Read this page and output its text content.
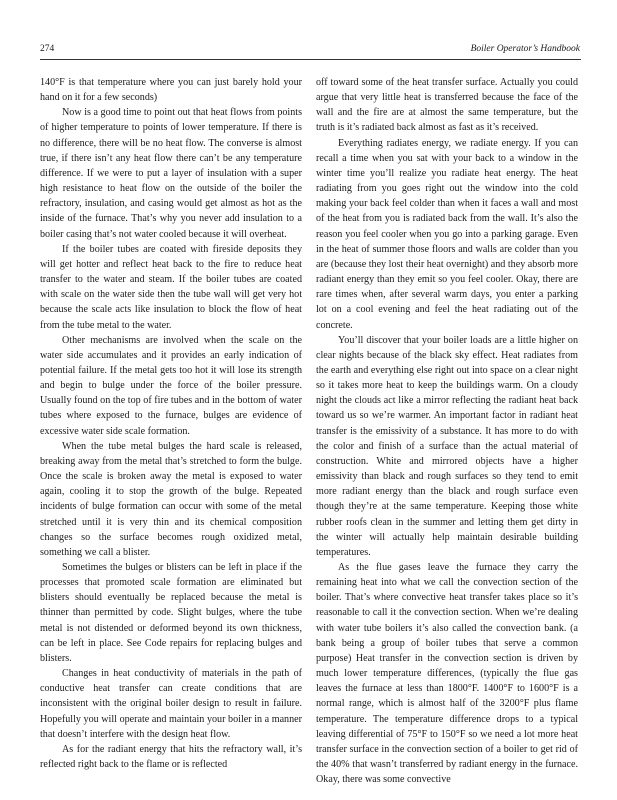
274	Boiler Operator’s Handbook

140°F is that temperature where you can just barely hold your hand on it for a few seconds)

Now is a good time to point out that heat flows from points of higher temperature to points of lower temperature. If there is no difference, there will be no heat flow. The converse is almost true, if there isn’t any heat flow there can’t be any temperature difference. If we were to put a layer of insulation with a super high resistance to heat flow on the outside of the boiler the refractory, insulation, and casing would get almost as hot as the inside of the furnace. That’s why you never add insulation to a boiler casing that’s not water cooled because it will overheat.

If the boiler tubes are coated with fireside deposits they will get hotter and reflect heat back to the fire to reduce heat transfer to the water and steam. If the boiler tubes are coated with scale on the water side then the tube wall will get very hot because the scale acts like insulation to block the flow of heat from the tube metal to the water.

Other mechanisms are involved when the scale on the water side accumulates and it provides an early indication of potential failure. If the metal gets too hot it will lose its strength and begin to bulge under the force of the boiler pressure. Usually found on the top of fire tubes and in the bottom of water tubes where exposed to the furnace, bulges are evidence of excessive water side scale formation.

When the tube metal bulges the hard scale is released, breaking away from the metal that’s stretched to form the bulge. Once the scale is broken away the metal is exposed to water again, cooling it to stop the growth of the bulge. Repeated incidents of bulge formation can occur with some of the metal stretched until it is very thin and its chemical composition changes so the surface becomes rough oxidized metal, something we call a blister.

Sometimes the bulges or blisters can be left in place if the processes that promoted scale formation are eliminated but blisters should eventually be replaced because the metal is thinner than permitted by code. Slight bulges, where the tube metal is not distended or deformed beyond its own thickness, can be left in place. See Code repairs for replacing bulges and blisters.

Changes in heat conductivity of materials in the path of conductive heat transfer can create conditions that are inconsistent with the original boiler design to result in failure. Hopefully you will operate and maintain your boiler in a manner that doesn’t interfere with the design heat flow.

As for the radiant energy that hits the refractory wall, it’s reflected right back to the flame or is reflected

off toward some of the heat transfer surface. Actually you could argue that very little heat is transferred because the face of the wall and the fire are at almost the same temperature, but the truth is it’s radiated back almost as fast as it’s received.

Everything radiates energy, we radiate energy. If you can recall a time when you sat with your back to a window in the winter time you’ll realize you radiate heat energy. The heat radiating from you goes right out the window into the cold making your back feel colder than when it faces a wall and most of the heat from you is radiated back from the wall. It’s also the reason you feel cooler when you go into a parking garage. Even in the heat of summer those floors and walls are colder than you are (because they lost their heat overnight) and they absorb more radiant energy than they emit so you feel cooler. Okay, there are rare times when, after several warm days, you enter a parking lot on a cool evening and feel the heat radiating out of the concrete.

You’ll discover that your boiler loads are a little higher on clear nights because of the black sky effect. Heat radiates from the earth and everything else right out into space on a clear night so it takes more heat to keep the buildings warm. On a cloudy night the clouds act like a mirror reflecting the radiant heat back toward us so we’re warmer. An important factor in radiant heat transfer is the emissivity of a substance. It has more to do with the color and finish of a surface than the actual material of construction. White and mirrored objects have a higher emissivity than black and rough surfaces so they tend to emit more radiant energy than the black and rough surface even though they’re at the same temperature. Keeping those white rubber roofs clean in the summer and letting them get dirty in the winter will actually help maintain desirable building temperatures.

As the flue gases leave the furnace they carry the remaining heat into what we call the convection section of the boiler. That’s where convective heat transfer takes place so it’s reasonable to call it the convection section. When we’re dealing with water tube boilers it’s also called the convection bank. (a bank being a group of boiler tubes that serve a common purpose) Heat transfer in the convection section is driven by much lower temperature differences, (typically the flue gas leaves the furnace at less than 1800°F. 1400°F to 1600°F is a normal range, which is almost half of the 3200°F plus flame temperature. The temperature difference drops to a typical leaving differential of 75°F to 150°F so we need a lot more heat transfer surface in the convection section of a boiler to get rid of the 40% that wasn’t transferred by radiant energy in the furnace. Okay, there was some convective
